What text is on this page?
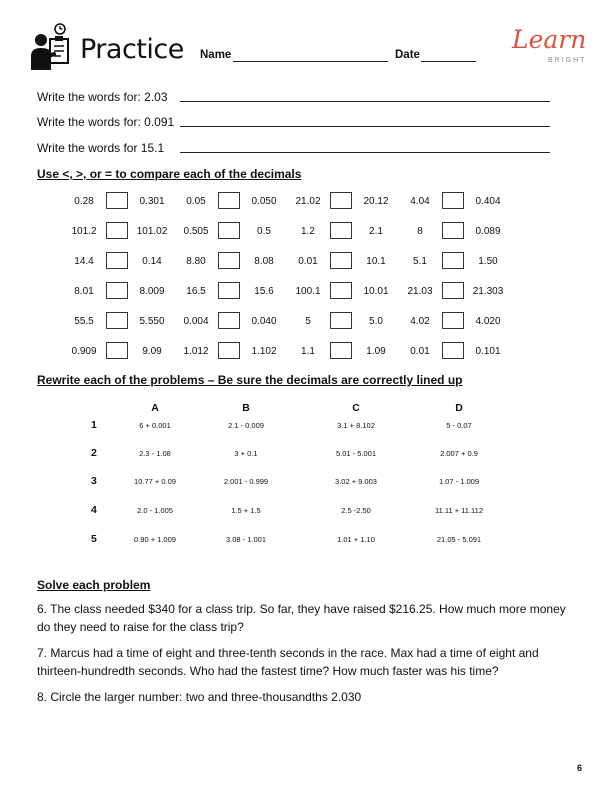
Practice Name	Date
Learn
BRIGHT
Write the words for: 2.03
Write the words for: 0.091
Write the words for 15.1
Use <, >, or = to compare each of the decimals
0.28	0.301	0.05	0.050	21.02	20.12	4.04	0.404
101.2	101.02	0.505	0.5	1.2	2.1	8	0.089
14.4	0.14	8.80	8.08	0.01	10.1	5.1	1.50
8.01	8.009	16.5	15.6	100.1	10.01	21.03	21.303
55.5	5.550	0.004	0.040	5	5.0	4.02	4.020
0.909	9.09	1.012	1.102	1.1	1.09	0.01	0.101
Rewrite each of the problems – Be sure the decimals are correctly lined up
A	B	C	D
1	6 + 0.001	2.1 - 0.009	3.1 + 8.102	5 - 0.07
2	2.3 - 1.08	3 + 0.1	5.01 - 5.001	2.007 + 0.9
3	10.77 + 0.09	2.001 - 0.999	3.02 + 9.003	1.07 - 1.009
4	2.0 - 1.005	1.5 + 1.5	2.5 -2.50	11.11 + 11.112
5	0.90 + 1.009	3.08 - 1.001	1.01 + 1.10	21.05 - 5.091
Solve each problem
6. The class needed $340 for a class trip. So far, they have raised $216.25. How much more money do they need to raise for the class trip?
7. Marcus had a time of eight and three-tenth seconds in the race. Max had a time of eight and thirteen-hundredth seconds. Who had the fastest time? How much faster was his time?
8. Circle the larger number: two and three-thousandths 2.030
6
